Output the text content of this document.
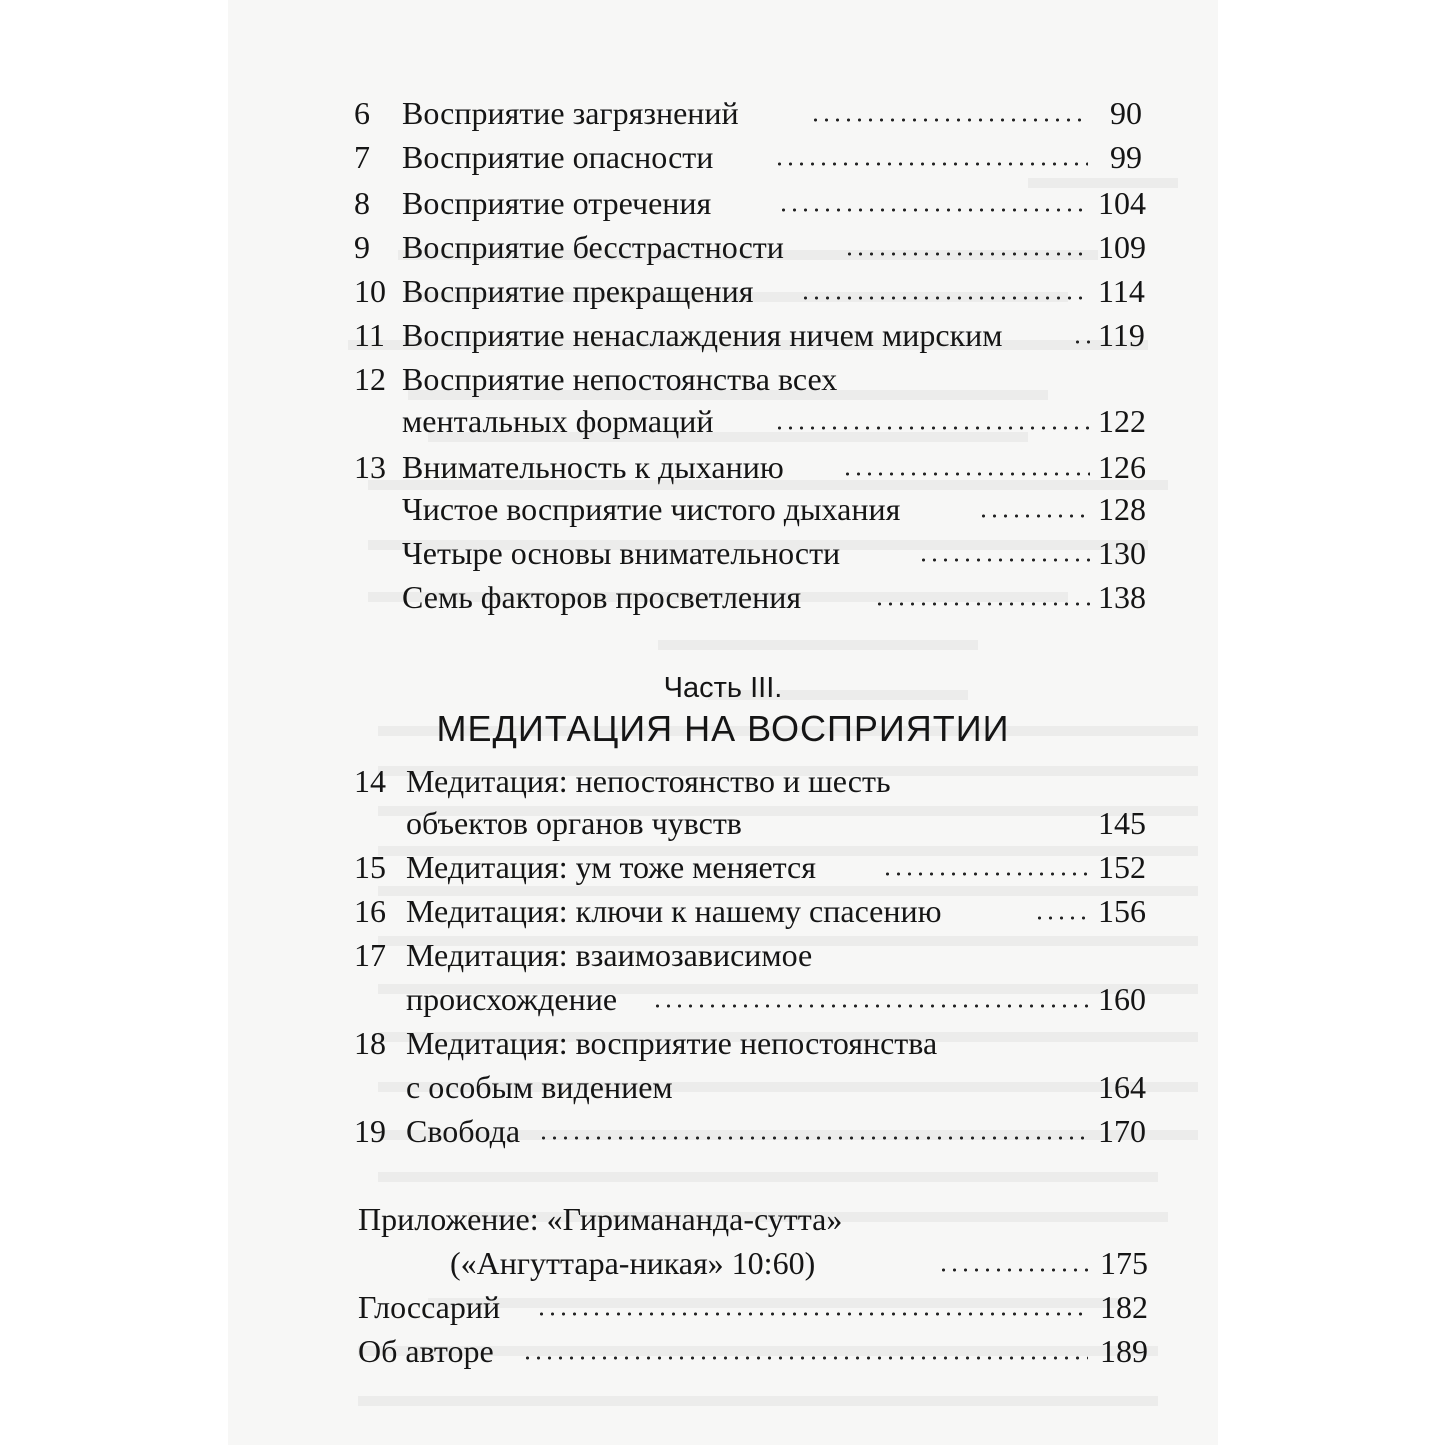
6 Восприятие загрязнений	90
7 Восприятие опасности	99
8 Восприятие отречения	104
9 Восприятие бесстрастности	109
10 Восприятие прекращения	114
11 Восприятие ненаслаждения ничем мирским	119
12 Восприятие непостоянства всех
ментальных формаций	122
13 Внимательность к дыханию	126
Чистое восприятие чистого дыхания	128
Четыре основы внимательности	130
Семь факторов просветления	138
Часть III.
МЕДИТАЦИЯ НА ВОСПРИЯТИИ
14 Медитация: непостоянство и шесть
объектов органов чувств	145
15 Медитация: ум тоже меняется	152
16 Медитация: ключи к нашему спасению	156
17 Медитация: взаимозависимое
происхождение	160
18 Медитация: восприятие непостоянства
с особым видением	164
19 Свобода	170
Приложение: «Гиримананда-сутта»
(«Ангуттара-никая» 10:60)	175
Глоссарий	182
Об авторе	189
